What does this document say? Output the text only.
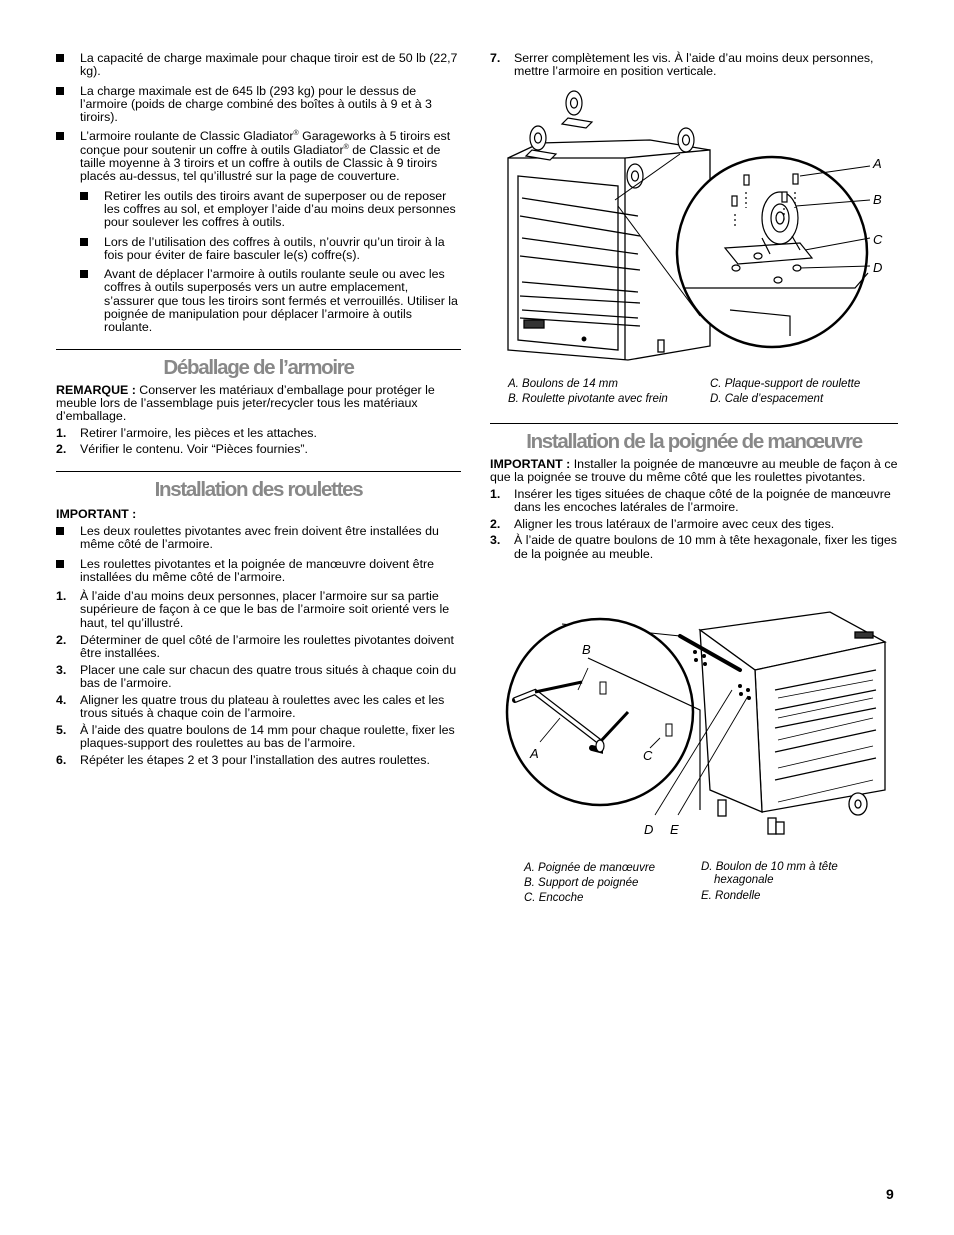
La capacité de charge maximale pour chaque tiroir est de 50 lb (22,7 kg).
La charge maximale est de 645 lb (293 kg) pour le dessus de l’armoire (poids de charge combiné des boîtes à outils à 9 et à 3 tiroirs).
L’armoire roulante de Classic Gladiator® Garageworks à 5 tiroirs est conçue pour soutenir un coffre à outils Gladiator® de Classic et de taille moyenne à 3 tiroirs et un coffre à outils de Classic à 9 tiroirs placés au-dessus, tel qu’illustré sur la page de couverture.
Retirer les outils des tiroirs avant de superposer ou de reposer les coffres au sol, et employer l’aide d’au moins deux personnes pour soulever les coffres à outils.
Lors de l’utilisation des coffres à outils, n’ouvrir qu’un tiroir à la fois pour éviter de faire basculer le(s) coffre(s).
Avant de déplacer l’armoire à outils roulante seule ou avec les coffres à outils superposés vers un autre emplacement, s’assurer que tous les tiroirs sont fermés et verrouillés. Utiliser la poignée de manipulation pour déplacer l’armoire à outils roulante.
Déballage de l’armoire
REMARQUE : Conserver les matériaux d’emballage pour protéger le meuble lors de l’assemblage puis jeter/recycler tous les matériaux d’emballage.
1. Retirer l’armoire, les pièces et les attaches.
2. Vérifier le contenu. Voir “Pièces fournies”.
Installation des roulettes
IMPORTANT :
Les deux roulettes pivotantes avec frein doivent être installées du même côté de l’armoire.
Les roulettes pivotantes et la poignée de manœuvre doivent être installées du même côté de l’armoire.
1. À l’aide d’au moins deux personnes, placer l’armoire sur sa partie supérieure de façon à ce que le bas de l’armoire soit orienté vers le haut, tel qu’illustré.
2. Déterminer de quel côté de l’armoire les roulettes pivotantes doivent être installées.
3. Placer une cale sur chacun des quatre trous situés à chaque coin du bas de l’armoire.
4. Aligner les quatre trous du plateau à roulettes avec les cales et les trous situés à chaque coin de l’armoire.
5. À l’aide des quatre boulons de 14 mm pour chaque roulette, fixer les plaques-support des roulettes au bas de l’armoire.
6. Répéter les étapes 2 et 3 pour l’installation des autres roulettes.
7. Serrer complètement les vis. À l’aide d’au moins deux personnes, mettre l’armoire en position verticale.
A
B
C
D
A. Boulons de 14 mm
B. Roulette pivotante avec frein
C. Plaque-support de roulette
D. Cale d’espacement
Installation de la poignée de manœuvre
IMPORTANT : Installer la poignée de manœuvre au meuble de façon à ce que la poignée se trouve du même côté que les roulettes pivotantes.
1. Insérer les tiges situées de chaque côté de la poignée de manœuvre dans les encoches latérales de l’armoire.
2. Aligner les trous latéraux de l’armoire avec ceux des tiges.
3. À l’aide de quatre boulons de 10 mm à tête hexagonale, fixer les tiges de la poignée au meuble.
B
A	C
D E
A. Poignée de manœuvre
B. Support de poignée
C. Encoche
D. Boulon de 10 mm à tête hexagonale
E. Rondelle
9
